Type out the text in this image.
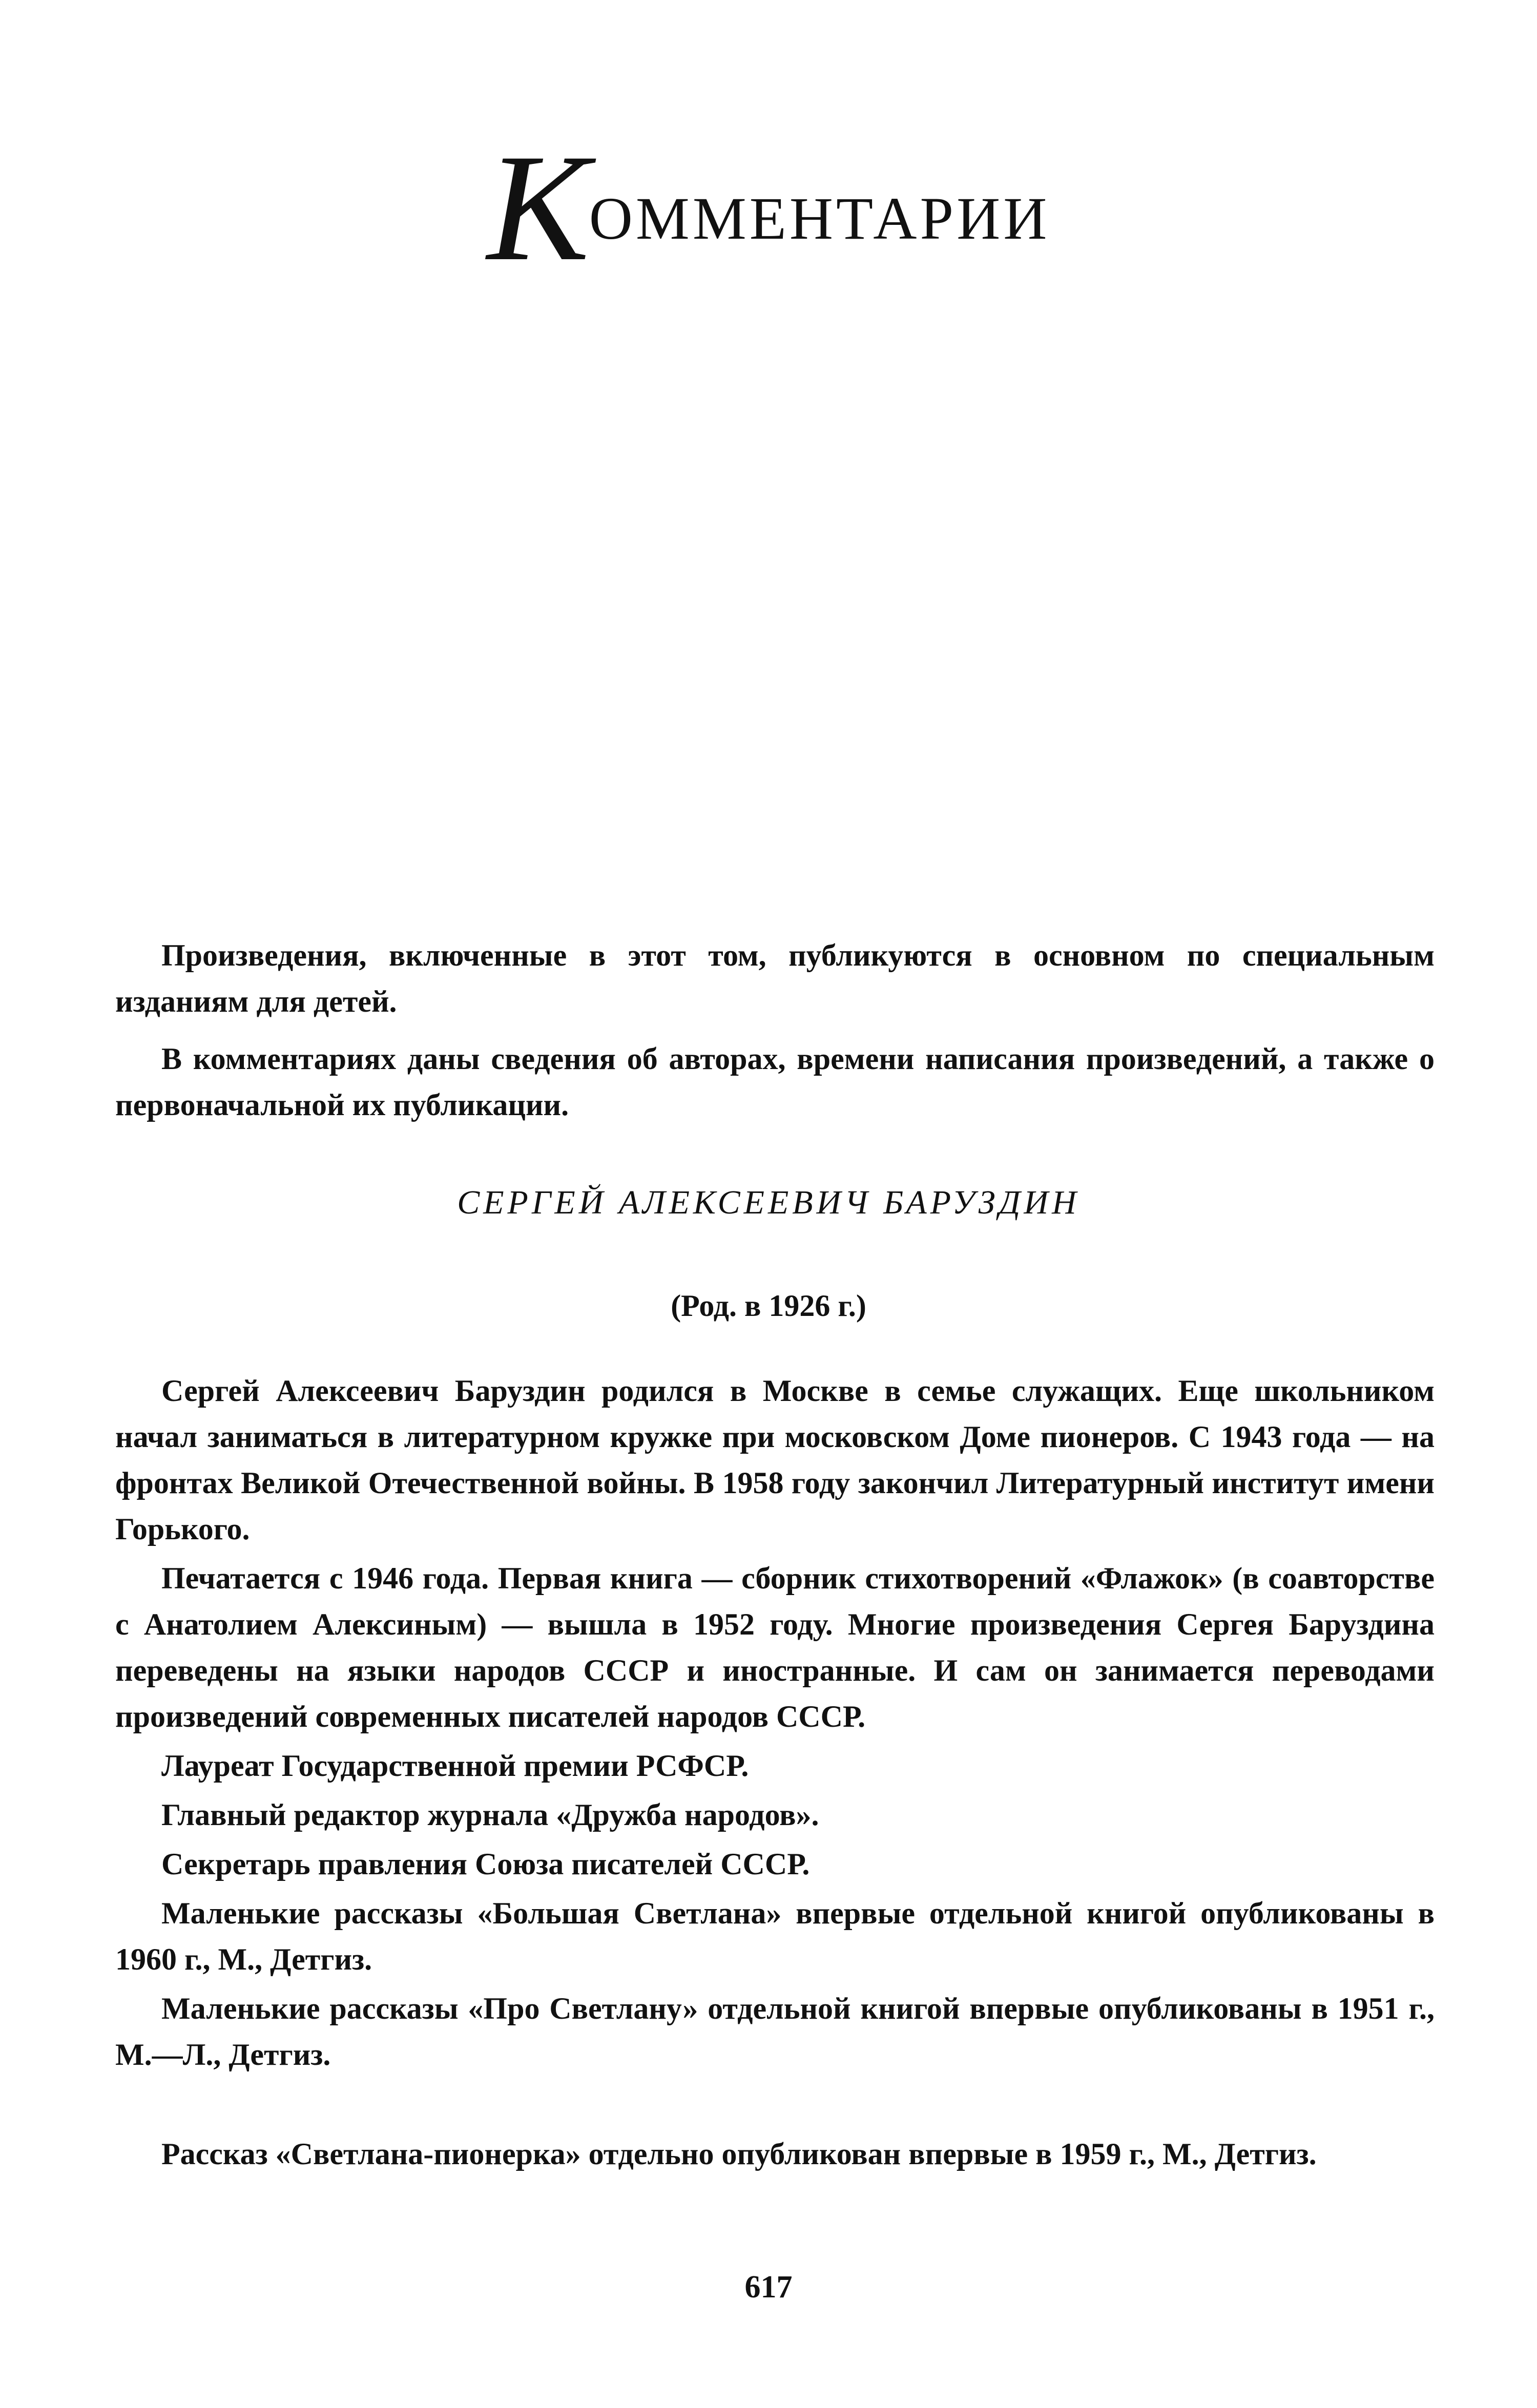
Комментарии

Произведения, включенные в этот том, публикуются в основном по специальным изданиям для детей.

В комментариях даны сведения об авторах, времени написания произведений, а также о первоначальной их публикации.

СЕРГЕЙ АЛЕКСЕЕВИЧ БАРУЗДИН
(Род. в 1926 г.)

Сергей Алексеевич Баруздин родился в Москве в семье служащих. Еще школьником начал заниматься в литературном кружке при московском Доме пионеров. С 1943 года — на фронтах Великой Отечественной войны. В 1958 году закончил Литературный институт имени Горького.

Печатается с 1946 года. Первая книга — сборник стихотворений «Флажок» (в соавторстве с Анатолием Алексиным) — вышла в 1952 году. Многие произведения Сергея Баруздина переведены на языки народов СССР и иностранные. И сам он занимается переводами произведений современных писателей народов СССР.

Лауреат Государственной премии РСФСР.

Главный редактор журнала «Дружба народов».

Секретарь правления Союза писателей СССР.

Маленькие рассказы «Большая Светлана» впервые отдельной книгой опубликованы в 1960 г., М., Детгиз.

Маленькие рассказы «Про Светлану» отдельной книгой впервые опубликованы в 1951 г., М.—Л., Детгиз.

Рассказ «Светлана-пионерка» отдельно опубликован впервые в 1959 г., М., Детгиз.

617
